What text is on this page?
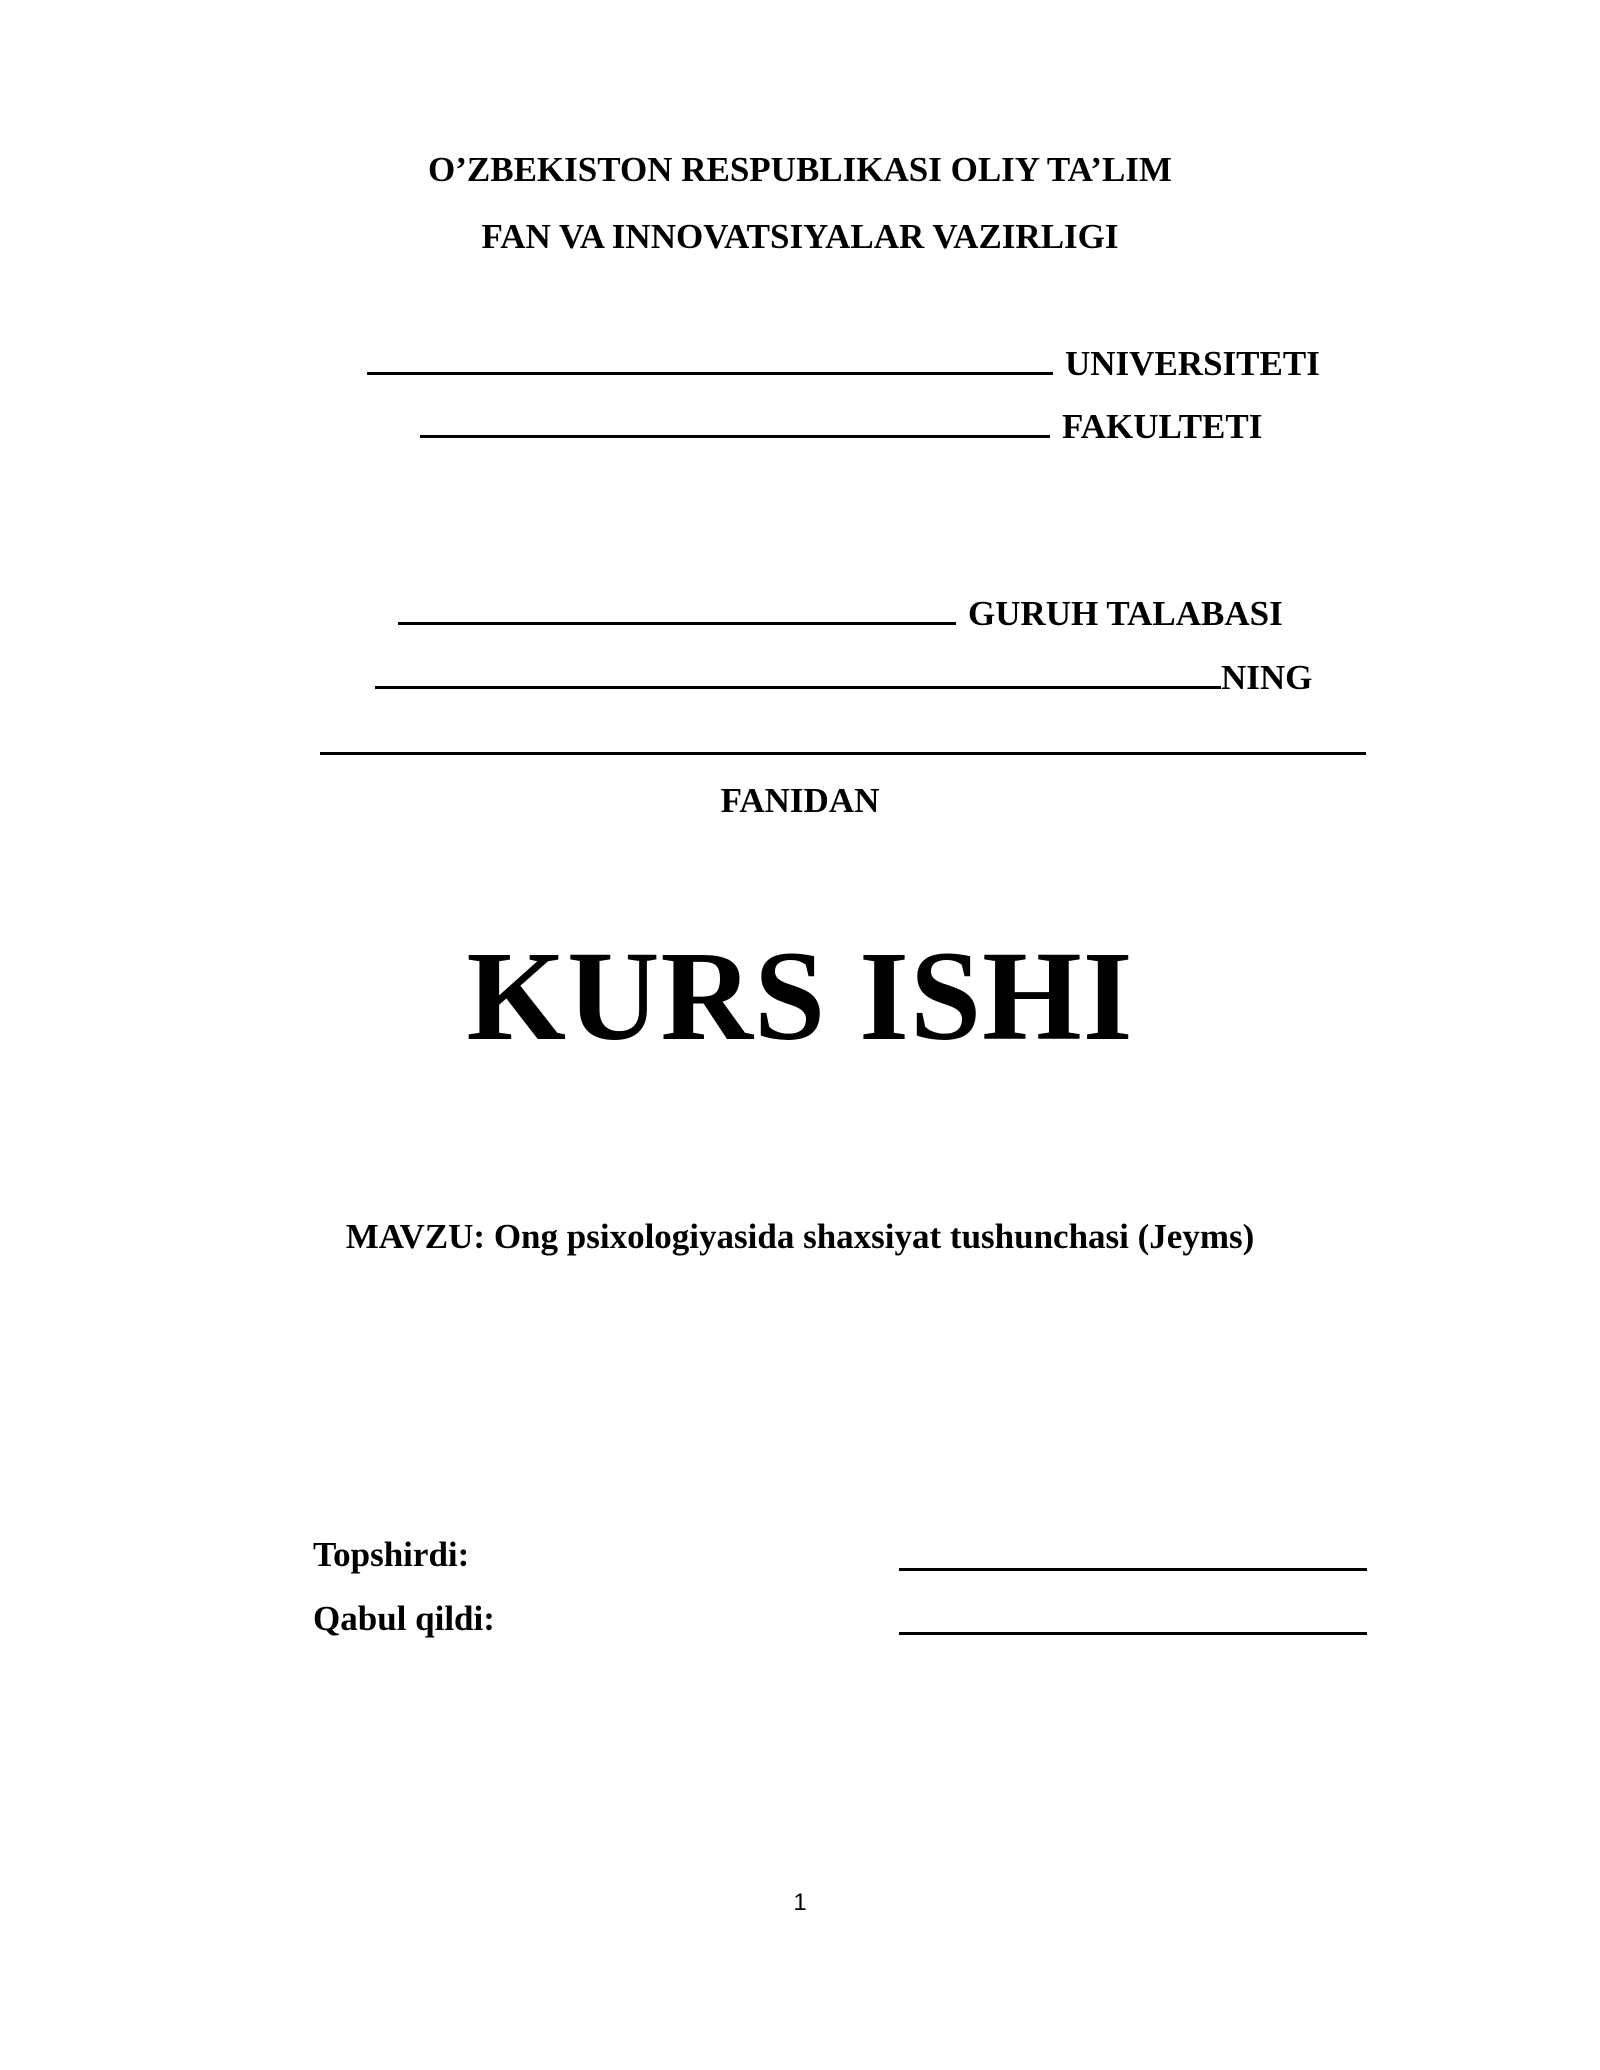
O’ZBEKISTON RESPUBLIKASI OLIY TA’LIM
FAN VA INNOVATSIYALAR VAZIRLIGI
UNIVERSITETI
FAKULTETI
GURUH TALABASI
NING
FANIDAN
KURS ISHI
MAVZU: Ong psixologiyasida shaxsiyat tushunchasi (Jeyms)
Topshirdi:
Qabul qildi:
1
